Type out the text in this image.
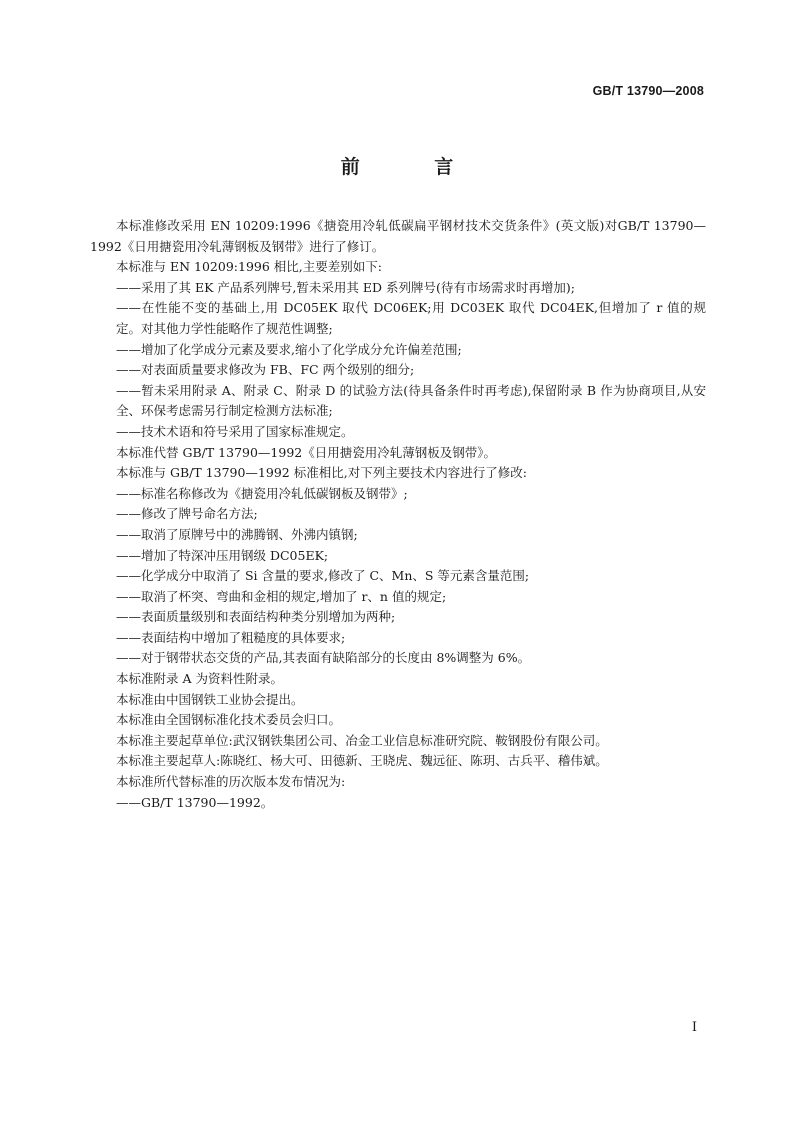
GB/T 13790—2008
前 言

本标准修改采用 EN 10209:1996《搪瓷用冷轧低碳扁平钢材技术交货条件》(英文版)对GB/T 13790—1992《日用搪瓷用冷轧薄钢板及钢带》进行了修订。

本标准与 EN 10209:1996 相比,主要差别如下:

——采用了其 EK 产品系列牌号,暂未采用其 ED 系列牌号(待有市场需求时再增加);

——在性能不变的基础上,用 DC05EK 取代 DC06EK;用 DC03EK 取代 DC04EK,但增加了 r 值的规定。对其他力学性能略作了规范性调整;

——增加了化学成分元素及要求,缩小了化学成分允许偏差范围;

——对表面质量要求修改为 FB、FC 两个级别的细分;

——暂未采用附录 A、附录 C、附录 D 的试验方法(待具备条件时再考虑),保留附录 B 作为协商项目,从安全、环保考虑需另行制定检测方法标准;

——技术术语和符号采用了国家标准规定。

本标准代替 GB/T 13790—1992《日用搪瓷用冷轧薄钢板及钢带》。

本标准与 GB/T 13790—1992 标准相比,对下列主要技术内容进行了修改:

——标准名称修改为《搪瓷用冷轧低碳钢板及钢带》;

——修改了牌号命名方法;

——取消了原牌号中的沸腾钢、外沸内镇钢;

——增加了特深冲压用钢级 DC05EK;

——化学成分中取消了 Si 含量的要求,修改了 C、Mn、S 等元素含量范围;

——取消了杯突、弯曲和金相的规定,增加了 r、n 值的规定;

——表面质量级别和表面结构种类分别增加为两种;

——表面结构中增加了粗糙度的具体要求;

——对于钢带状态交货的产品,其表面有缺陷部分的长度由 8%调整为 6%。

本标准附录 A 为资料性附录。

本标准由中国钢铁工业协会提出。

本标准由全国钢标准化技术委员会归口。

本标准主要起草单位:武汉钢铁集团公司、冶金工业信息标准研究院、鞍钢股份有限公司。

本标准主要起草人:陈晓红、杨大可、田德新、王晓虎、魏远征、陈玥、古兵平、稽伟斌。

本标准所代替标准的历次版本发布情况为:

——GB/T 13790—1992。

I
